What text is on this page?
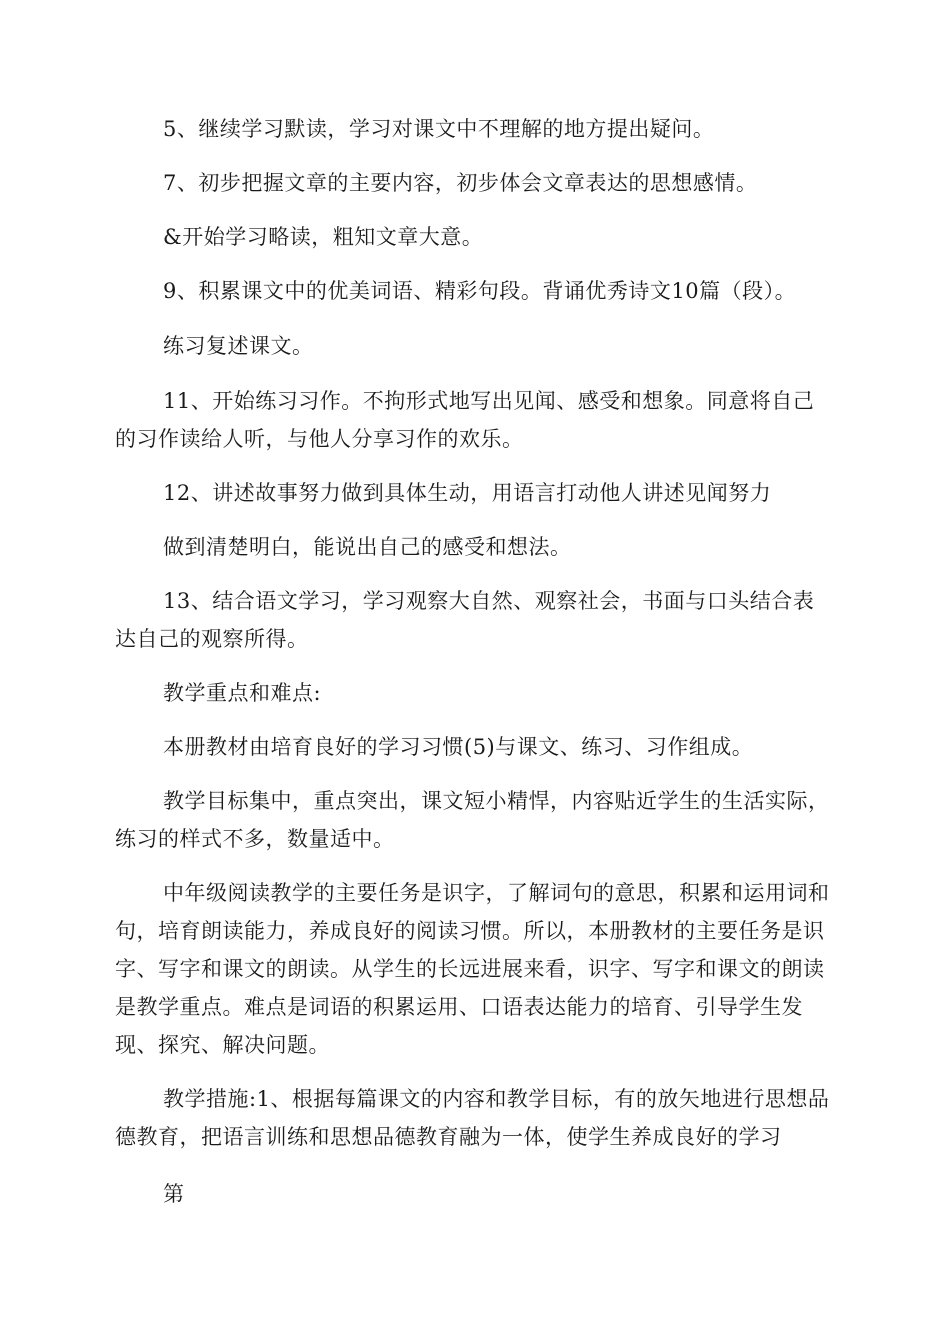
5、继续学习默读，学习对课文中不理解的地方提出疑问。

7、初步把握文章的主要内容，初步体会文章表达的思想感情。

&开始学习略读，粗知文章大意。

9、积累课文中的优美词语、精彩句段。背诵优秀诗文10篇（段）。

练习复述课文。

11、开始练习习作。不拘形式地写出见闻、感受和想象。同意将自己的习作读给人听，与他人分享习作的欢乐。

12、讲述故事努力做到具体生动，用语言打动他人讲述见闻努力

做到清楚明白，能说出自己的感受和想法。

13、结合语文学习，学习观察大自然、观察社会，书面与口头结合表达自己的观察所得。

教学重点和难点:

本册教材由培育良好的学习习惯(5)与课文、练习、习作组成。

教学目标集中，重点突出，课文短小精悍，内容贴近学生的生活实际，练习的样式不多，数量适中。

中年级阅读教学的主要任务是识字，了解词句的意思，积累和运用词和句，培育朗读能力，养成良好的阅读习惯。所以，本册教材的主要任务是识字、写字和课文的朗读。从学生的长远进展来看，识字、写字和课文的朗读是教学重点。难点是词语的积累运用、口语表达能力的培育、引导学生发现、探究、解决问题。

教学措施:1、根据每篇课文的内容和教学目标，有的放矢地进行思想品德教育，把语言训练和思想品德教育融为一体，使学生养成良好的学习

第
